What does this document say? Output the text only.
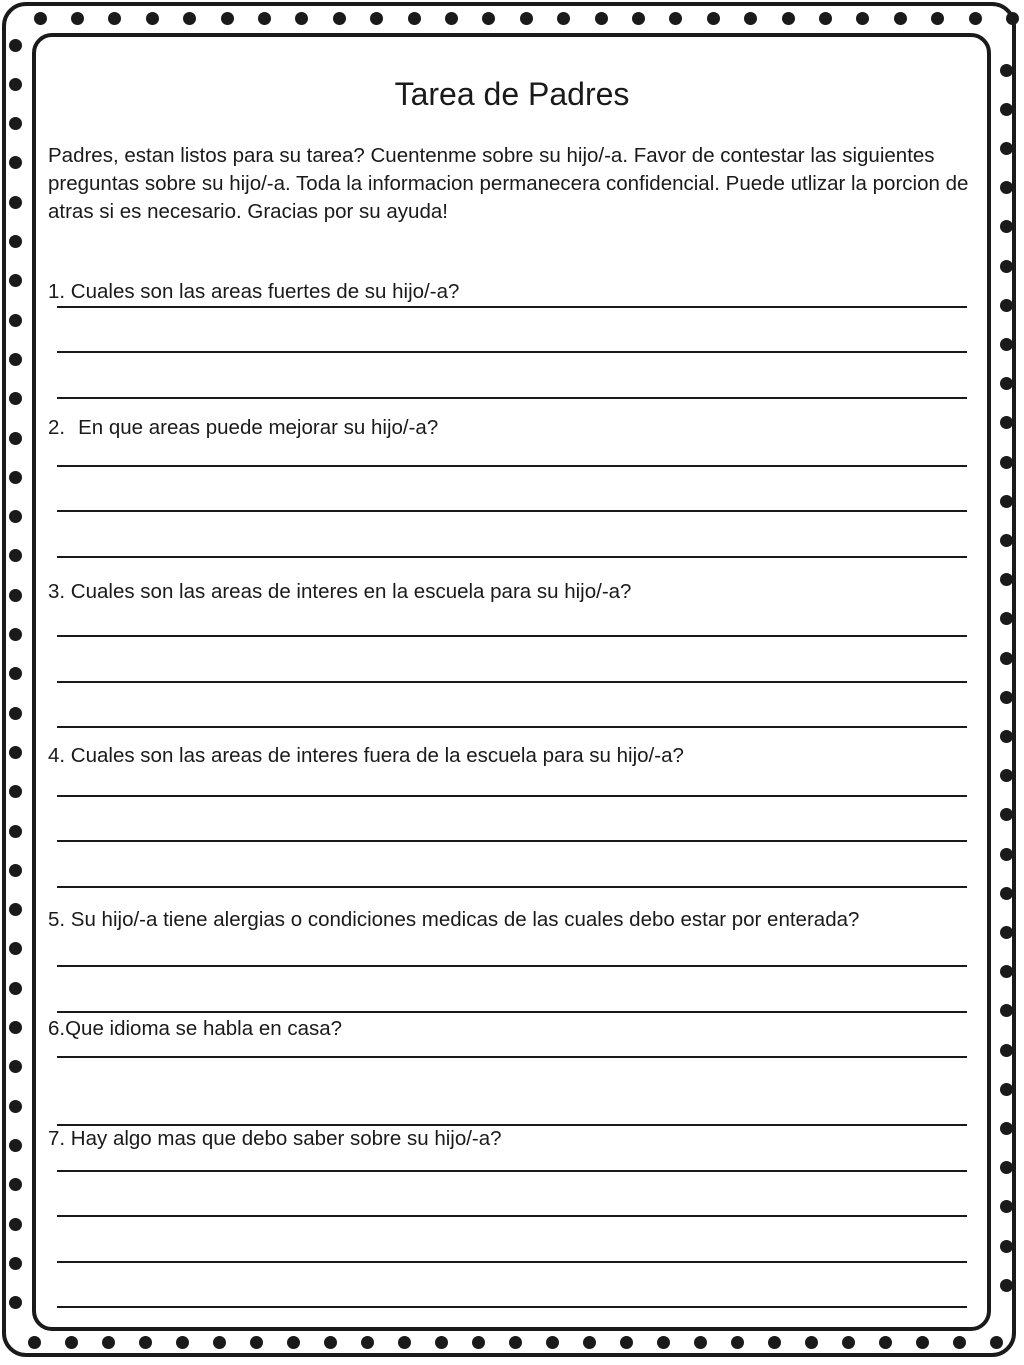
Tarea de Padres

Padres, estan listos para su tarea? Cuentenme sobre su hijo/-a. Favor de contestar las siguientes preguntas sobre su hijo/-a. Toda la informacion permanecera confidencial. Puede utlizar la porcion de atras si es necesario. Gracias por su ayuda!

1. Cuales son las areas fuertes de su hijo/-a?
2. En que areas puede mejorar su hijo/-a?
3. Cuales son las areas de interes en la escuela para su hijo/-a?
4. Cuales son las areas de interes fuera de la escuela para su hijo/-a?
5. Su hijo/-a tiene alergias o condiciones medicas de las cuales debo estar por enterada?
6.Que idioma se habla en casa?
7. Hay algo mas que debo saber sobre su hijo/-a?
